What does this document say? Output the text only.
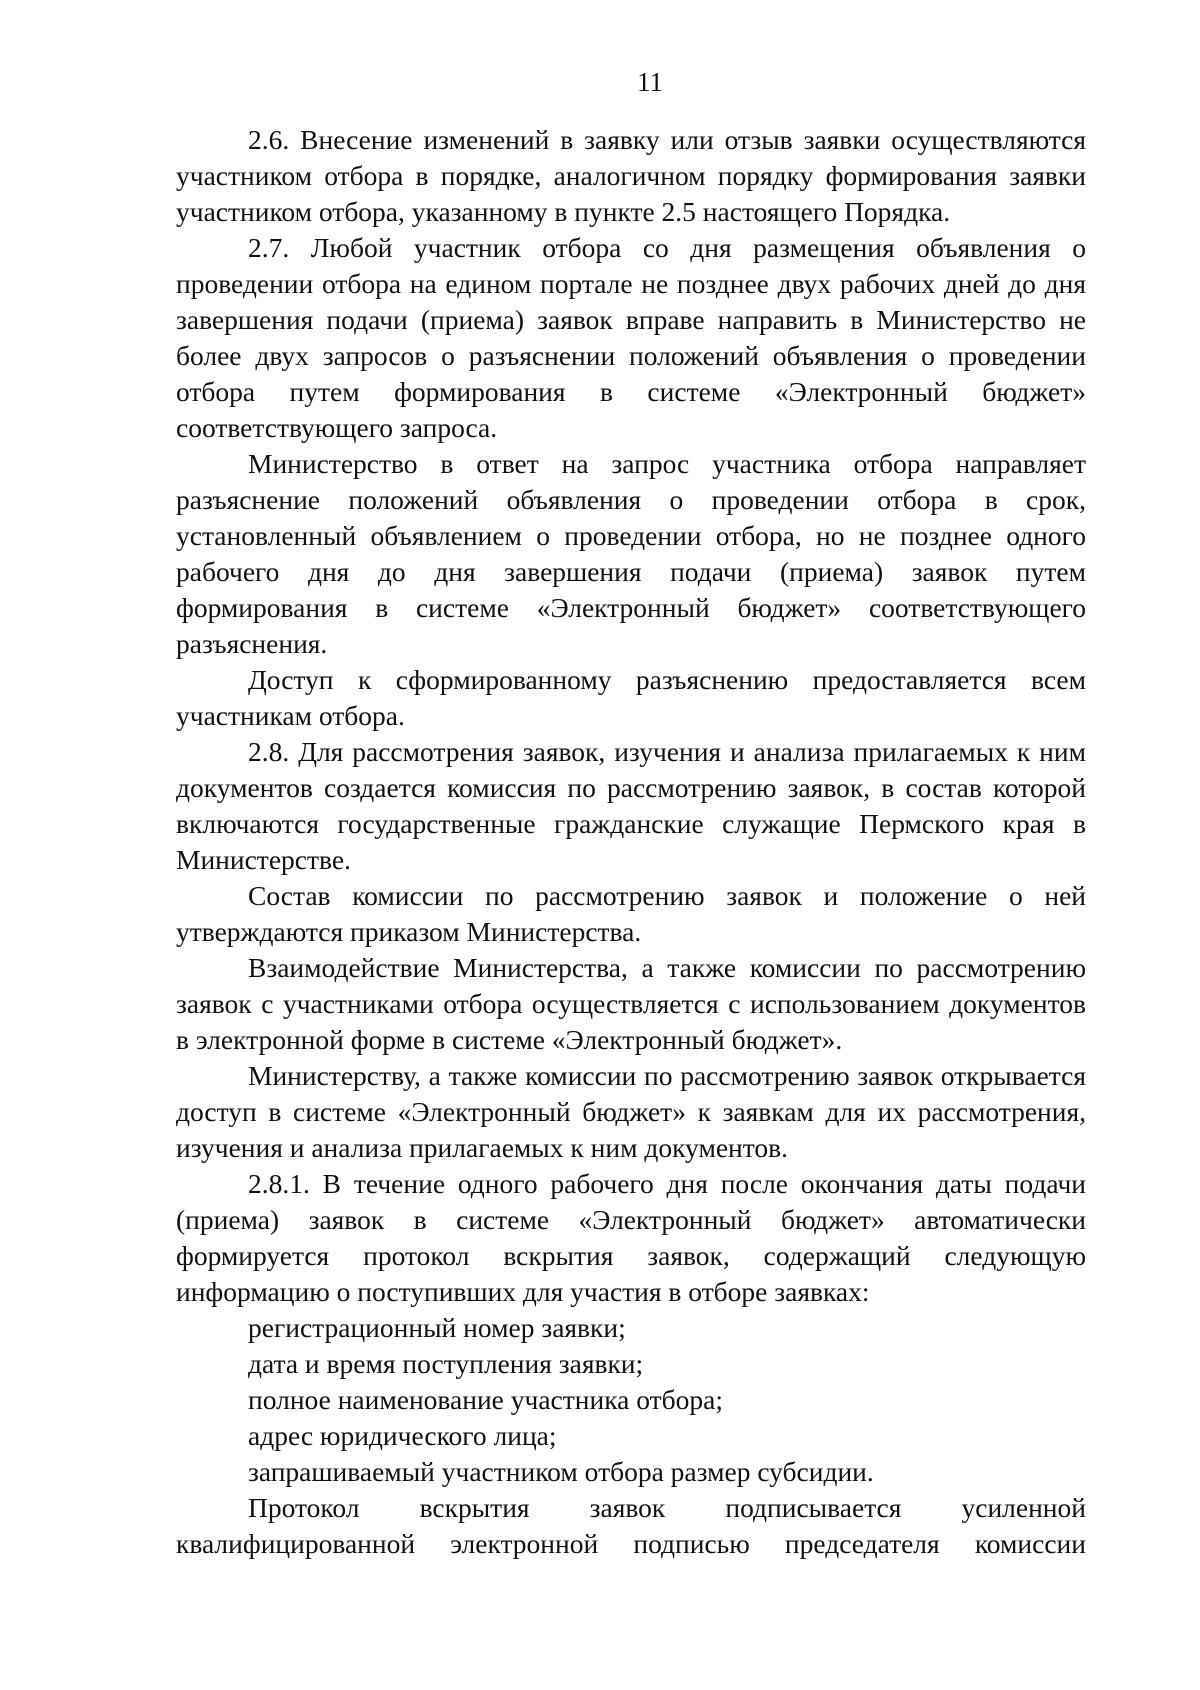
11

2.6. Внесение изменений в заявку или отзыв заявки осуществляются участником отбора в порядке, аналогичном порядку формирования заявки участником отбора, указанному в пункте 2.5 настоящего Порядка.

2.7. Любой участник отбора со дня размещения объявления о проведении отбора на едином портале не позднее двух рабочих дней до дня завершения подачи (приема) заявок вправе направить в Министерство не более двух запросов о разъяснении положений объявления о проведении отбора путем формирования в системе «Электронный бюджет» соответствующего запроса.

Министерство в ответ на запрос участника отбора направляет разъяснение положений объявления о проведении отбора в срок, установленный объявлением о проведении отбора, но не позднее одного рабочего дня до дня завершения подачи (приема) заявок путем формирования в системе «Электронный бюджет» соответствующего разъяснения.

Доступ к сформированному разъяснению предоставляется всем участникам отбора.

2.8. Для рассмотрения заявок, изучения и анализа прилагаемых к ним документов создается комиссия по рассмотрению заявок, в состав которой включаются государственные гражданские служащие Пермского края в Министерстве.

Состав комиссии по рассмотрению заявок и положение о ней утверждаются приказом Министерства.

Взаимодействие Министерства, а также комиссии по рассмотрению заявок с участниками отбора осуществляется с использованием документов в электронной форме в системе «Электронный бюджет».

Министерству, а также комиссии по рассмотрению заявок открывается доступ в системе «Электронный бюджет» к заявкам для их рассмотрения, изучения и анализа прилагаемых к ним документов.

2.8.1. В течение одного рабочего дня после окончания даты подачи (приема) заявок в системе «Электронный бюджет» автоматически формируется протокол вскрытия заявок, содержащий следующую информацию о поступивших для участия в отборе заявках:

регистрационный номер заявки;

дата и время поступления заявки;

полное наименование участника отбора;

адрес юридического лица;

запрашиваемый участником отбора размер субсидии.

Протокол вскрытия заявок подписывается усиленной квалифицированной электронной подписью председателя комиссии
